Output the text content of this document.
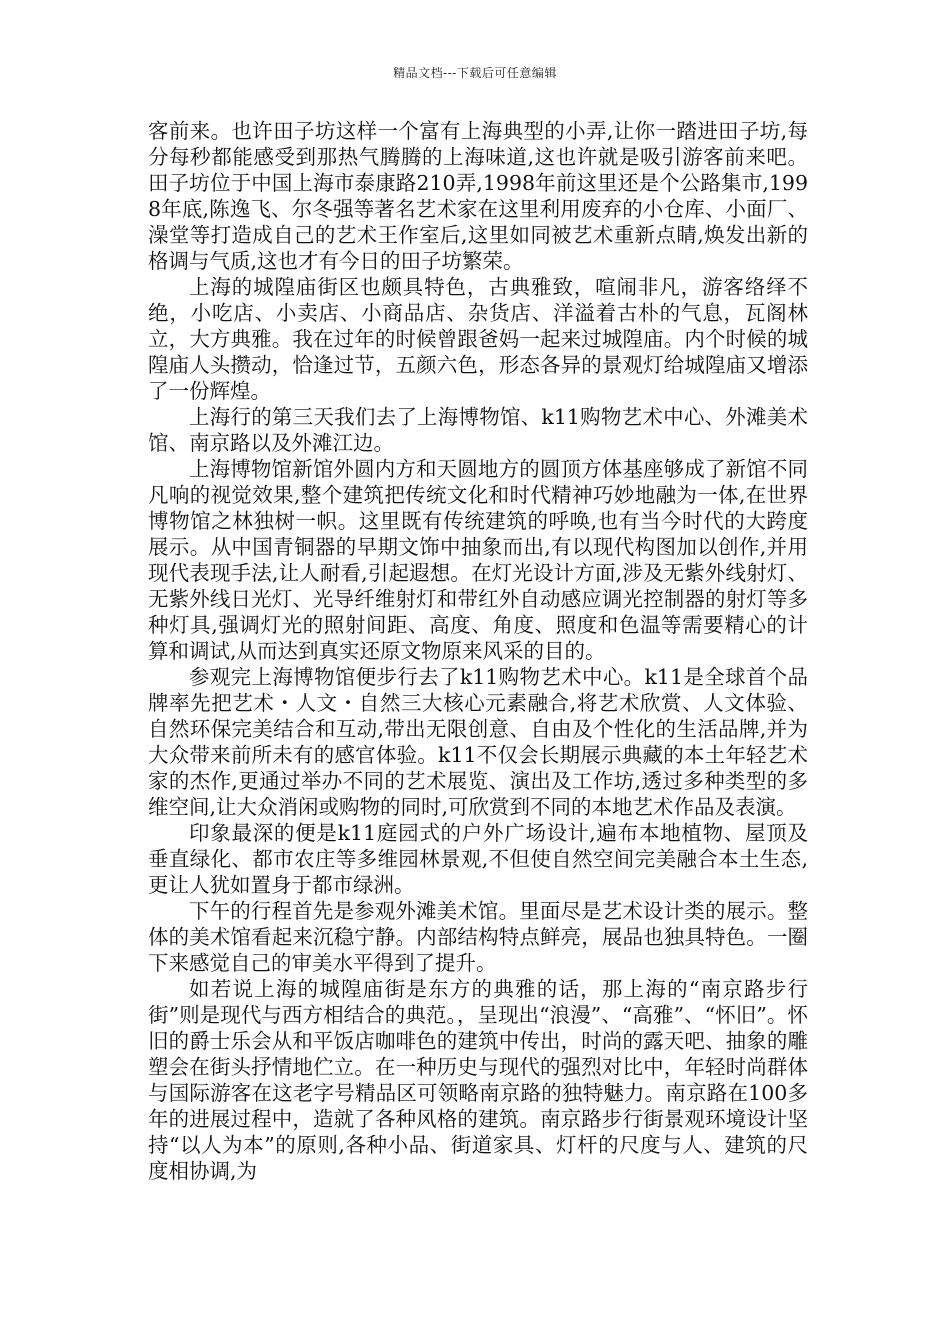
精品文档---下载后可任意编辑

客前来。也许田子坊这样一个富有上海典型的小弄,让你一踏进田子坊,每分每秒都能感受到那热气腾腾的上海味道,这也许就是吸引游客前来吧。田子坊位于中国上海市泰康路210弄,1998年前这里还是个公路集市,1998年底,陈逸飞、尔冬强等著名艺术家在这里利用废弃的小仓库、小面厂、澡堂等打造成自己的艺术王作室后,这里如同被艺术重新点睛,焕发出新的格调与气质,这也才有今日的田子坊繁荣。

上海的城隍庙街区也颇具特色，古典雅致，喧闹非凡，游客络绎不绝，小吃店、小卖店、小商品店、杂货店、洋溢着古朴的气息，瓦阁林立，大方典雅。我在过年的时候曾跟爸妈一起来过城隍庙。内个时候的城隍庙人头攒动，恰逢过节，五颜六色，形态各异的景观灯给城隍庙又增添了一份辉煌。

上海行的第三天我们去了上海博物馆、k11购物艺术中心、外滩美术馆、南京路以及外滩江边。

上海博物馆新馆外圆内方和天圆地方的圆顶方体基座够成了新馆不同凡响的视觉效果,整个建筑把传统文化和时代精神巧妙地融为一体,在世界博物馆之林独树一帜。这里既有传统建筑的呼唤,也有当今时代的大跨度展示。从中国青铜器的早期文饰中抽象而出,有以现代构图加以创作,并用现代表现手法,让人耐看,引起遐想。在灯光设计方面,涉及无紫外线射灯、无紫外线日光灯、光导纤维射灯和带红外自动感应调光控制器的射灯等多种灯具,强调灯光的照射间距、高度、角度、照度和色温等需要精心的计算和调试,从而达到真实还原文物原来风采的目的。

参观完上海博物馆便步行去了k11购物艺术中心。k11是全球首个品牌率先把艺术・人文・自然三大核心元素融合,将艺术欣赏、人文体验、自然环保完美结合和互动,带出无限创意、自由及个性化的生活品牌,并为大众带来前所未有的感官体验。k11不仅会长期展示典藏的本土年轻艺术家的杰作,更通过举办不同的艺术展览、演出及工作坊,透过多种类型的多维空间,让大众消闲或购物的同时,可欣赏到不同的本地艺术作品及表演。

印象最深的便是k11庭园式的户外广场设计,遍布本地植物、屋顶及垂直绿化、都市农庄等多维园林景观,不但使自然空间完美融合本土生态,更让人犹如置身于都市绿洲。

下午的行程首先是参观外滩美术馆。里面尽是艺术设计类的展示。整体的美术馆看起来沉稳宁静。内部结构特点鲜亮，展品也独具特色。一圈下来感觉自己的审美水平得到了提升。

如若说上海的城隍庙街是东方的典雅的话，那上海的“南京路步行街”则是现代与西方相结合的典范。，呈现出“浪漫”、“高雅”、“怀旧”。怀旧的爵士乐会从和平饭店咖啡色的建筑中传出，时尚的露天吧、抽象的雕塑会在街头抒情地伫立。在一种历史与现代的强烈对比中，年轻时尚群体与国际游客在这老字号精品区可领略南京路的独特魅力。南京路在100多年的进展过程中，造就了各种风格的建筑。南京路步行街景观环境设计坚持“以人为本”的原则,各种小品、街道家具、灯杆的尺度与人、建筑的尺度相协调,为
